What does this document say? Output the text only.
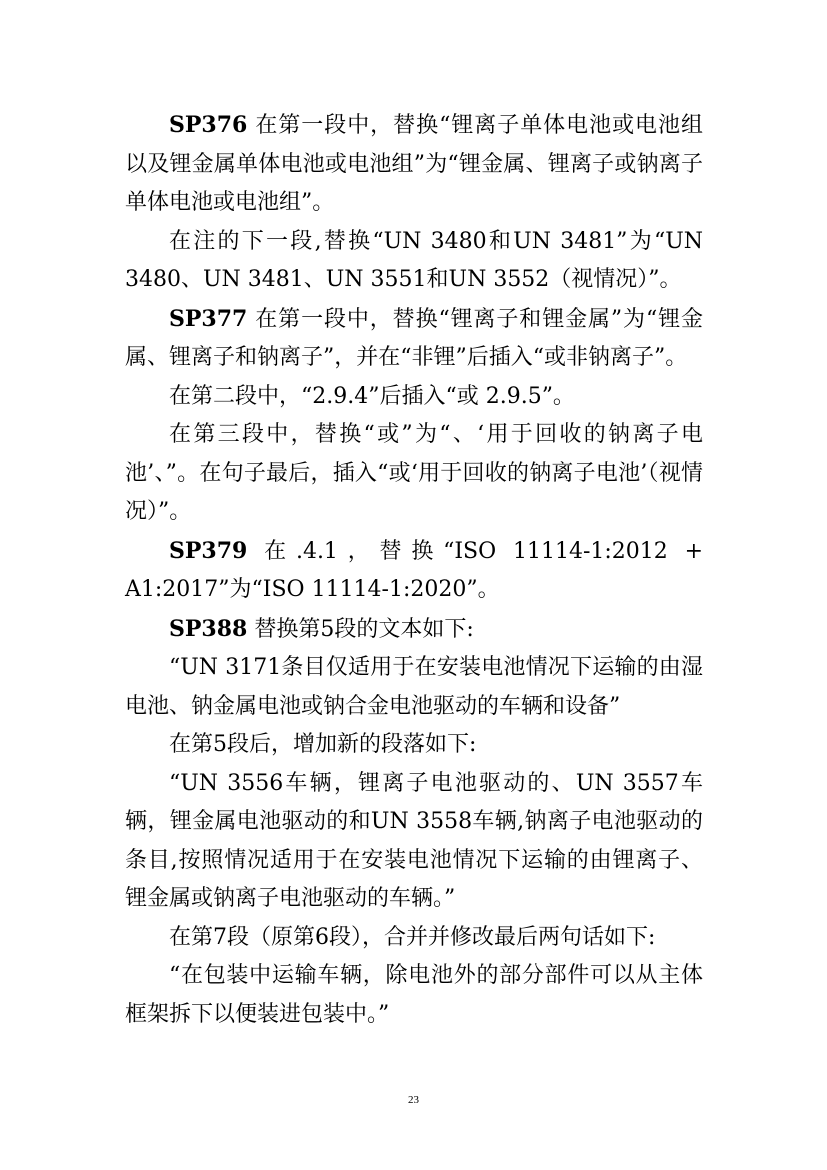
SP376 在第一段中，替换“锂离子单体电池或电池组以及锂金属单体电池或电池组”为“锂金属、锂离子或钠离子单体电池或电池组”。

在注的下一段,替换“UN 3480和UN 3481”为“UN 3480、UN 3481、UN 3551和UN 3552（视情况）”。

SP377 在第一段中，替换“锂离子和锂金属”为“锂金属、锂离子和钠离子”，并在“非锂”后插入“或非钠离子”。

在第二段中，“2.9.4”后插入“或 2.9.5”。

在第三段中，替换“或”为“、‘用于回收的钠离子电池’、”。在句子最后，插入“或‘用于回收的钠离子电池’（视情况）”。

SP379 在.4.1，替换“ISO 11114-1:2012 + A1:2017”为“ISO 11114-1:2020”。

SP388 替换第5段的文本如下:

“UN 3171条目仅适用于在安装电池情况下运输的由湿电池、钠金属电池或钠合金电池驱动的车辆和设备”

在第5段后，增加新的段落如下:

“UN 3556车辆，锂离子电池驱动的、UN 3557车辆，锂金属电池驱动的和UN 3558车辆,钠离子电池驱动的条目,按照情况适用于在安装电池情况下运输的由锂离子、锂金属或钠离子电池驱动的车辆。”

在第7段（原第6段），合并并修改最后两句话如下:

“在包装中运输车辆，除电池外的部分部件可以从主体框架拆下以便装进包装中。”

23
